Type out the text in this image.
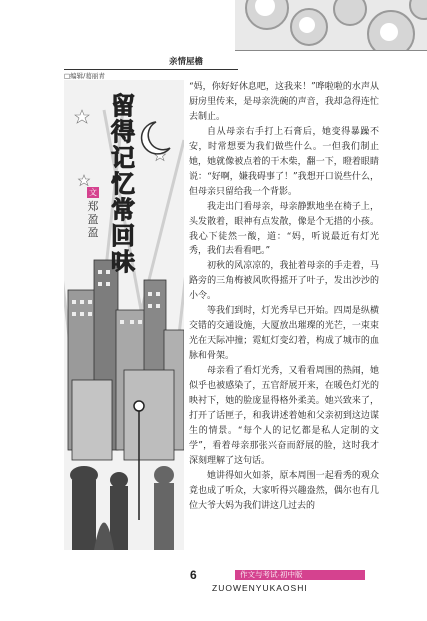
亲情屋檐
□编辑/葛丽青
留得记忆常回味
文
郑盈盈

“妈，你好好休息吧，这我来！”哗啦啦的水声从厨房里传来，是母亲洗碗的声音，我却急得连忙去制止。

自从母亲右手打上石膏后，她变得暴躁不安，时常想要为我们做些什么。一但我们制止她，她就像被点着的干木柴，翻一下，瞪着眼睛说：“好啊，嫌我碍事了！”我想开口说些什么，但母亲只留给我一个背影。

我走出门看母亲，母亲静默地坐在椅子上，头发散着，眼神有点发散，像是个无措的小孩。我心下徒然一酸，道：“妈，听说最近有灯光秀，我们去看看吧。”

初秋的风凉凉的，我扯着母亲的手走着，马路旁的三角梅被风吹得摇开了叶子，发出沙沙的小令。

等我们到时，灯光秀早已开始。四周是纵横交错的交通设施，大厦放出璀璨的光芒，一束束光在天际冲撞；霓虹灯变幻着，构成了城市的血脉和骨架。

母亲看了看灯光秀，又看看周围的热闹，她似乎也被感染了，五官舒展开来，在暖色灯光的映衬下，她的脸庞显得格外柔美。她兴致来了，打开了话匣子，和我讲述着她和父亲初到这边谋生的情景。“每个人的记忆都是私人定制的文学”，看着母亲那张兴奋而舒展的脸，这时我才深刻理解了这句话。

她讲得如火如荼，原本周围一起看秀的观众竟也成了听众，大家听得兴趣盎然，偶尔也有几位大爷大妈为我们讲这几过去的

6	作文与考试·初中版
ZUOWENYUKAOSHI
